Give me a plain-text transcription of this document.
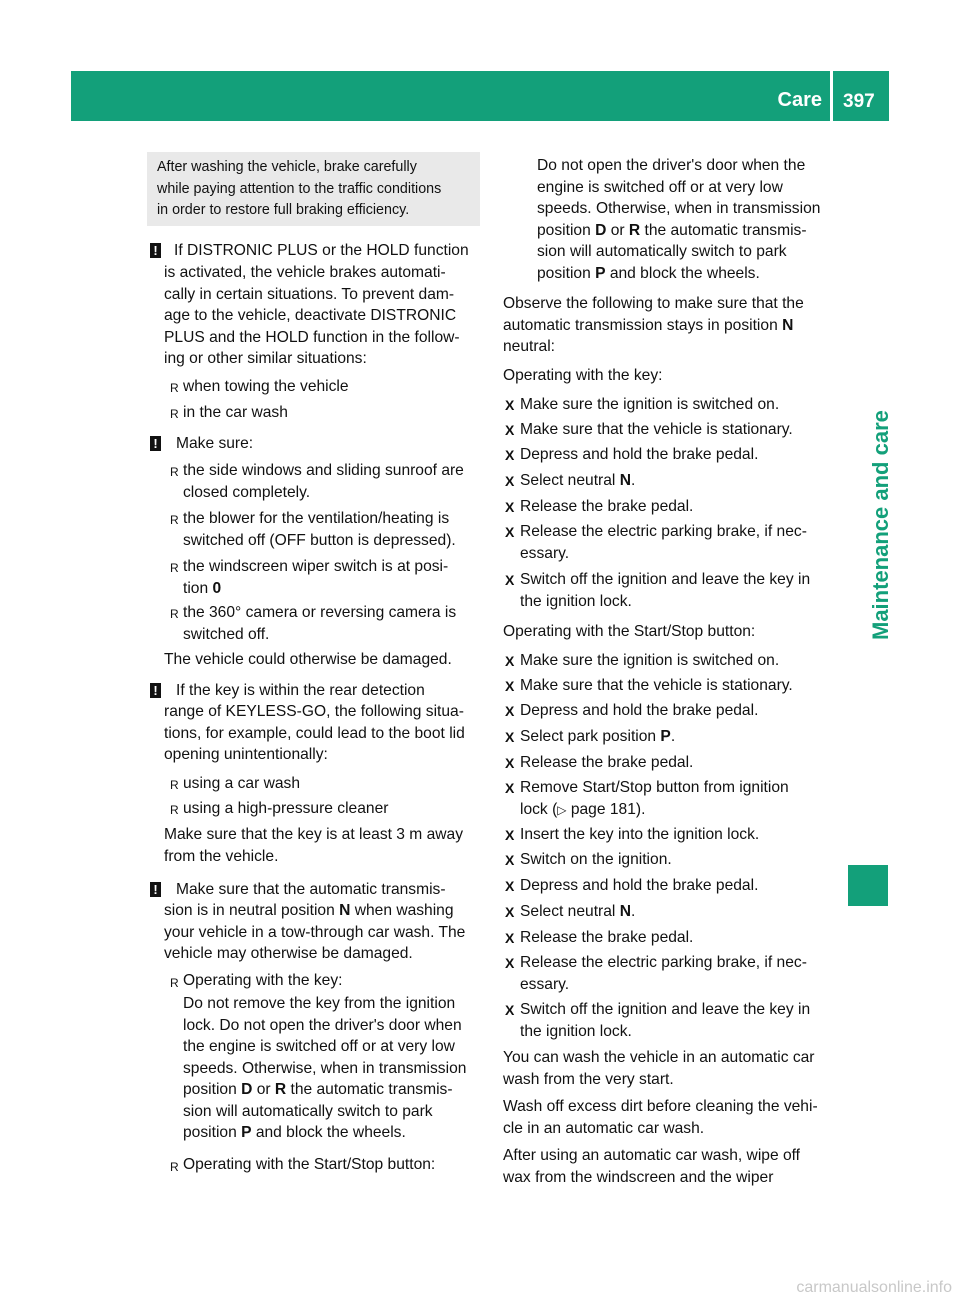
Care 397
Maintenance and care
After washing the vehicle, brake carefully
while paying attention to the traffic conditions
in order to restore full braking efficiency.
! If DISTRONIC PLUS or the HOLD function
is activated, the vehicle brakes automati-
cally in certain situations. To prevent dam-
age to the vehicle, deactivate DISTRONIC
PLUS and the HOLD function in the follow-
ing or other similar situations:
R when towing the vehicle
R in the car wash
! Make sure:
R the side windows and sliding sunroof are
closed completely.
R the blower for the ventilation/heating is
switched off (OFF button is depressed).
R the windscreen wiper switch is at posi-
tion 0
R the 360° camera or reversing camera is
switched off.
The vehicle could otherwise be damaged.
! If the key is within the rear detection
range of KEYLESS-GO, the following situa-
tions, for example, could lead to the boot lid
opening unintentionally:
R using a car wash
R using a high-pressure cleaner
Make sure that the key is at least 3 m away
from the vehicle.
! Make sure that the automatic transmis-
sion is in neutral position N when washing
your vehicle in a tow-through car wash. The
vehicle may otherwise be damaged.
R Operating with the key:
Do not remove the key from the ignition
lock. Do not open the driver's door when
the engine is switched off or at very low
speeds. Otherwise, when in transmission
position D or R the automatic transmis-
sion will automatically switch to park
position P and block the wheels.
R Operating with the Start/Stop button:
Do not open the driver's door when the
engine is switched off or at very low
speeds. Otherwise, when in transmission
position D or R the automatic transmis-
sion will automatically switch to park
position P and block the wheels.
Observe the following to make sure that the
automatic transmission stays in position N
neutral:
Operating with the key:
X Make sure the ignition is switched on.
X Make sure that the vehicle is stationary.
X Depress and hold the brake pedal.
X Select neutral N.
X Release the brake pedal.
X Release the electric parking brake, if nec-
essary.
X Switch off the ignition and leave the key in
the ignition lock.
Operating with the Start/Stop button:
X Make sure the ignition is switched on.
X Make sure that the vehicle is stationary.
X Depress and hold the brake pedal.
X Select park position P.
X Release the brake pedal.
X Remove Start/Stop button from ignition
lock (▷ page 181).
X Insert the key into the ignition lock.
X Switch on the ignition.
X Depress and hold the brake pedal.
X Select neutral N.
X Release the brake pedal.
X Release the electric parking brake, if nec-
essary.
X Switch off the ignition and leave the key in
the ignition lock.
You can wash the vehicle in an automatic car
wash from the very start.
Wash off excess dirt before cleaning the vehi-
cle in an automatic car wash.
After using an automatic car wash, wipe off
wax from the windscreen and the wiper
carmanualsonline.info
